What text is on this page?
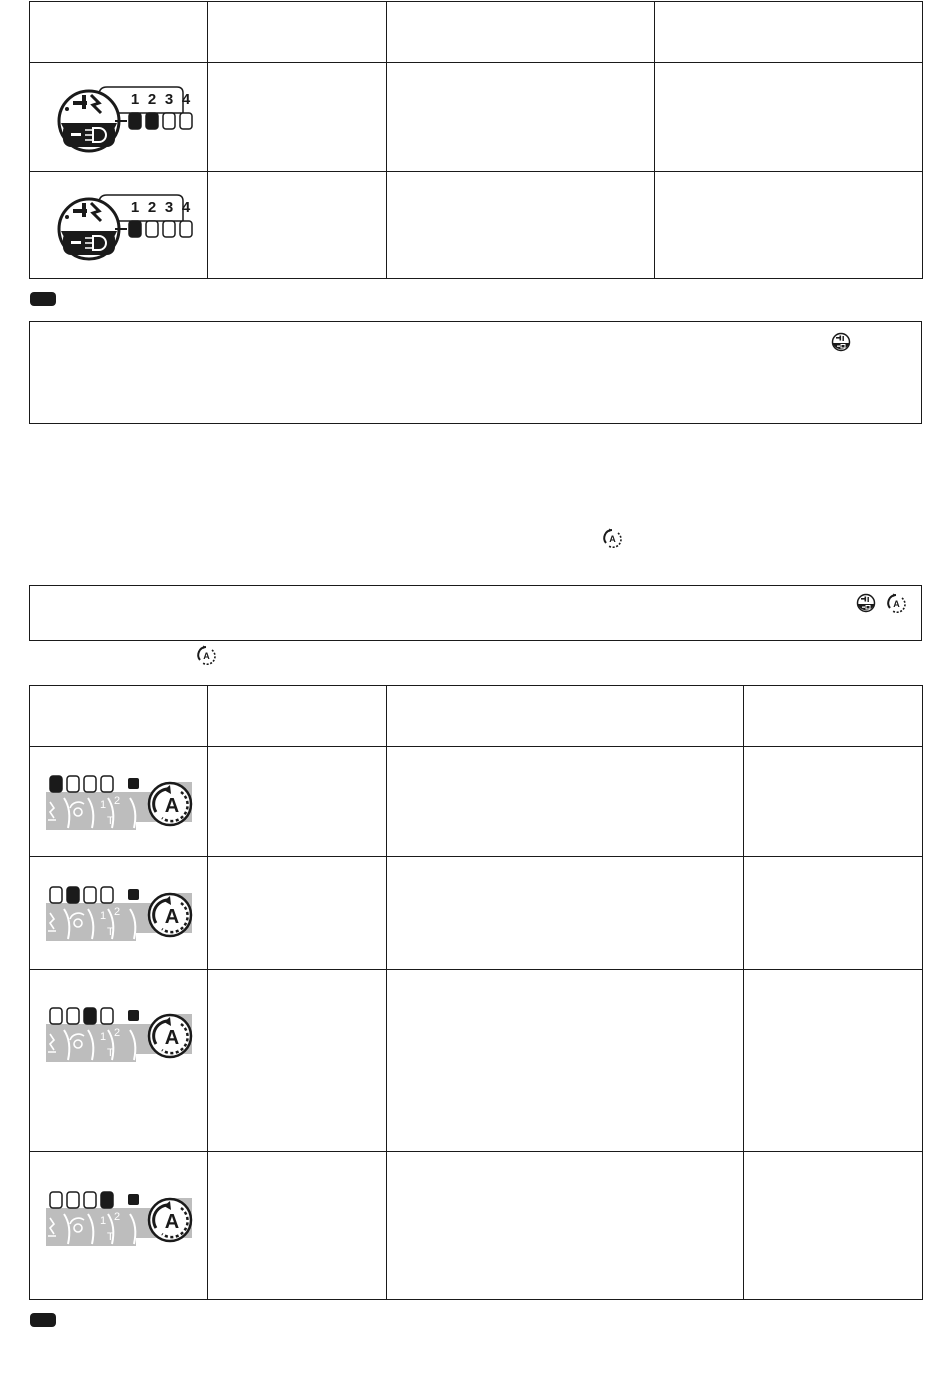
1 2 3 4			

1 2 3 4			

A
A
A

1 2
T
A			

1 2
T
A			

1 2
T
A			

1 2
T
A			
